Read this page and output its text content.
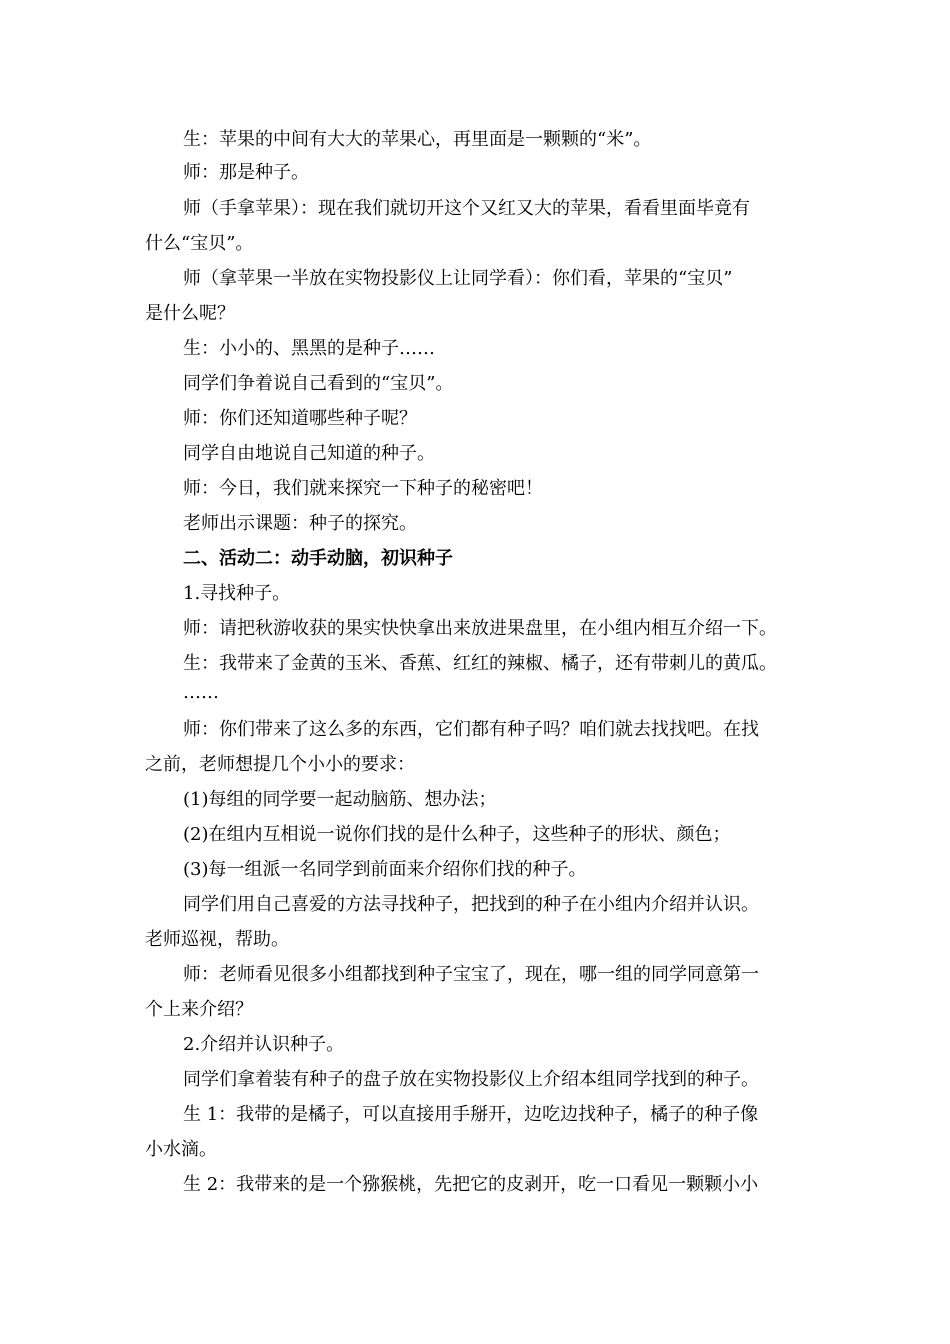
生：苹果的中间有大大的苹果心，再里面是一颗颗的“米”。
师：那是种子。
师（手拿苹果）：现在我们就切开这个又红又大的苹果，看看里面毕竟有
什么“宝贝”。
师（拿苹果一半放在实物投影仪上让同学看）：你们看，苹果的“宝贝”
是什么呢？
生：小小的、黑黑的是种子……
同学们争着说自己看到的“宝贝”。
师：你们还知道哪些种子呢？
同学自由地说自己知道的种子。
师：今日，我们就来探究一下种子的秘密吧！
老师出示课题：种子的探究。
二、活动二：动手动脑，初识种子
1.寻找种子。
师：请把秋游收获的果实快快拿出来放进果盘里，在小组内相互介绍一下。
生：我带来了金黄的玉米、香蕉、红红的辣椒、橘子，还有带刺儿的黄瓜。
……
师：你们带来了这么多的东西，它们都有种子吗？咱们就去找找吧。在找
之前，老师想提几个小小的要求：
(1)每组的同学要一起动脑筋、想办法；
(2)在组内互相说一说你们找的是什么种子，这些种子的形状、颜色；
(3)每一组派一名同学到前面来介绍你们找的种子。
同学们用自己喜爱的方法寻找种子，把找到的种子在小组内介绍并认识。
老师巡视，帮助。
师：老师看见很多小组都找到种子宝宝了，现在，哪一组的同学同意第一
个上来介绍？
2.介绍并认识种子。
同学们拿着装有种子的盘子放在实物投影仪上介绍本组同学找到的种子。
生 1：我带的是橘子，可以直接用手掰开，边吃边找种子，橘子的种子像
小水滴。
生 2：我带来的是一个猕猴桃，先把它的皮剥开，吃一口看见一颗颗小小
